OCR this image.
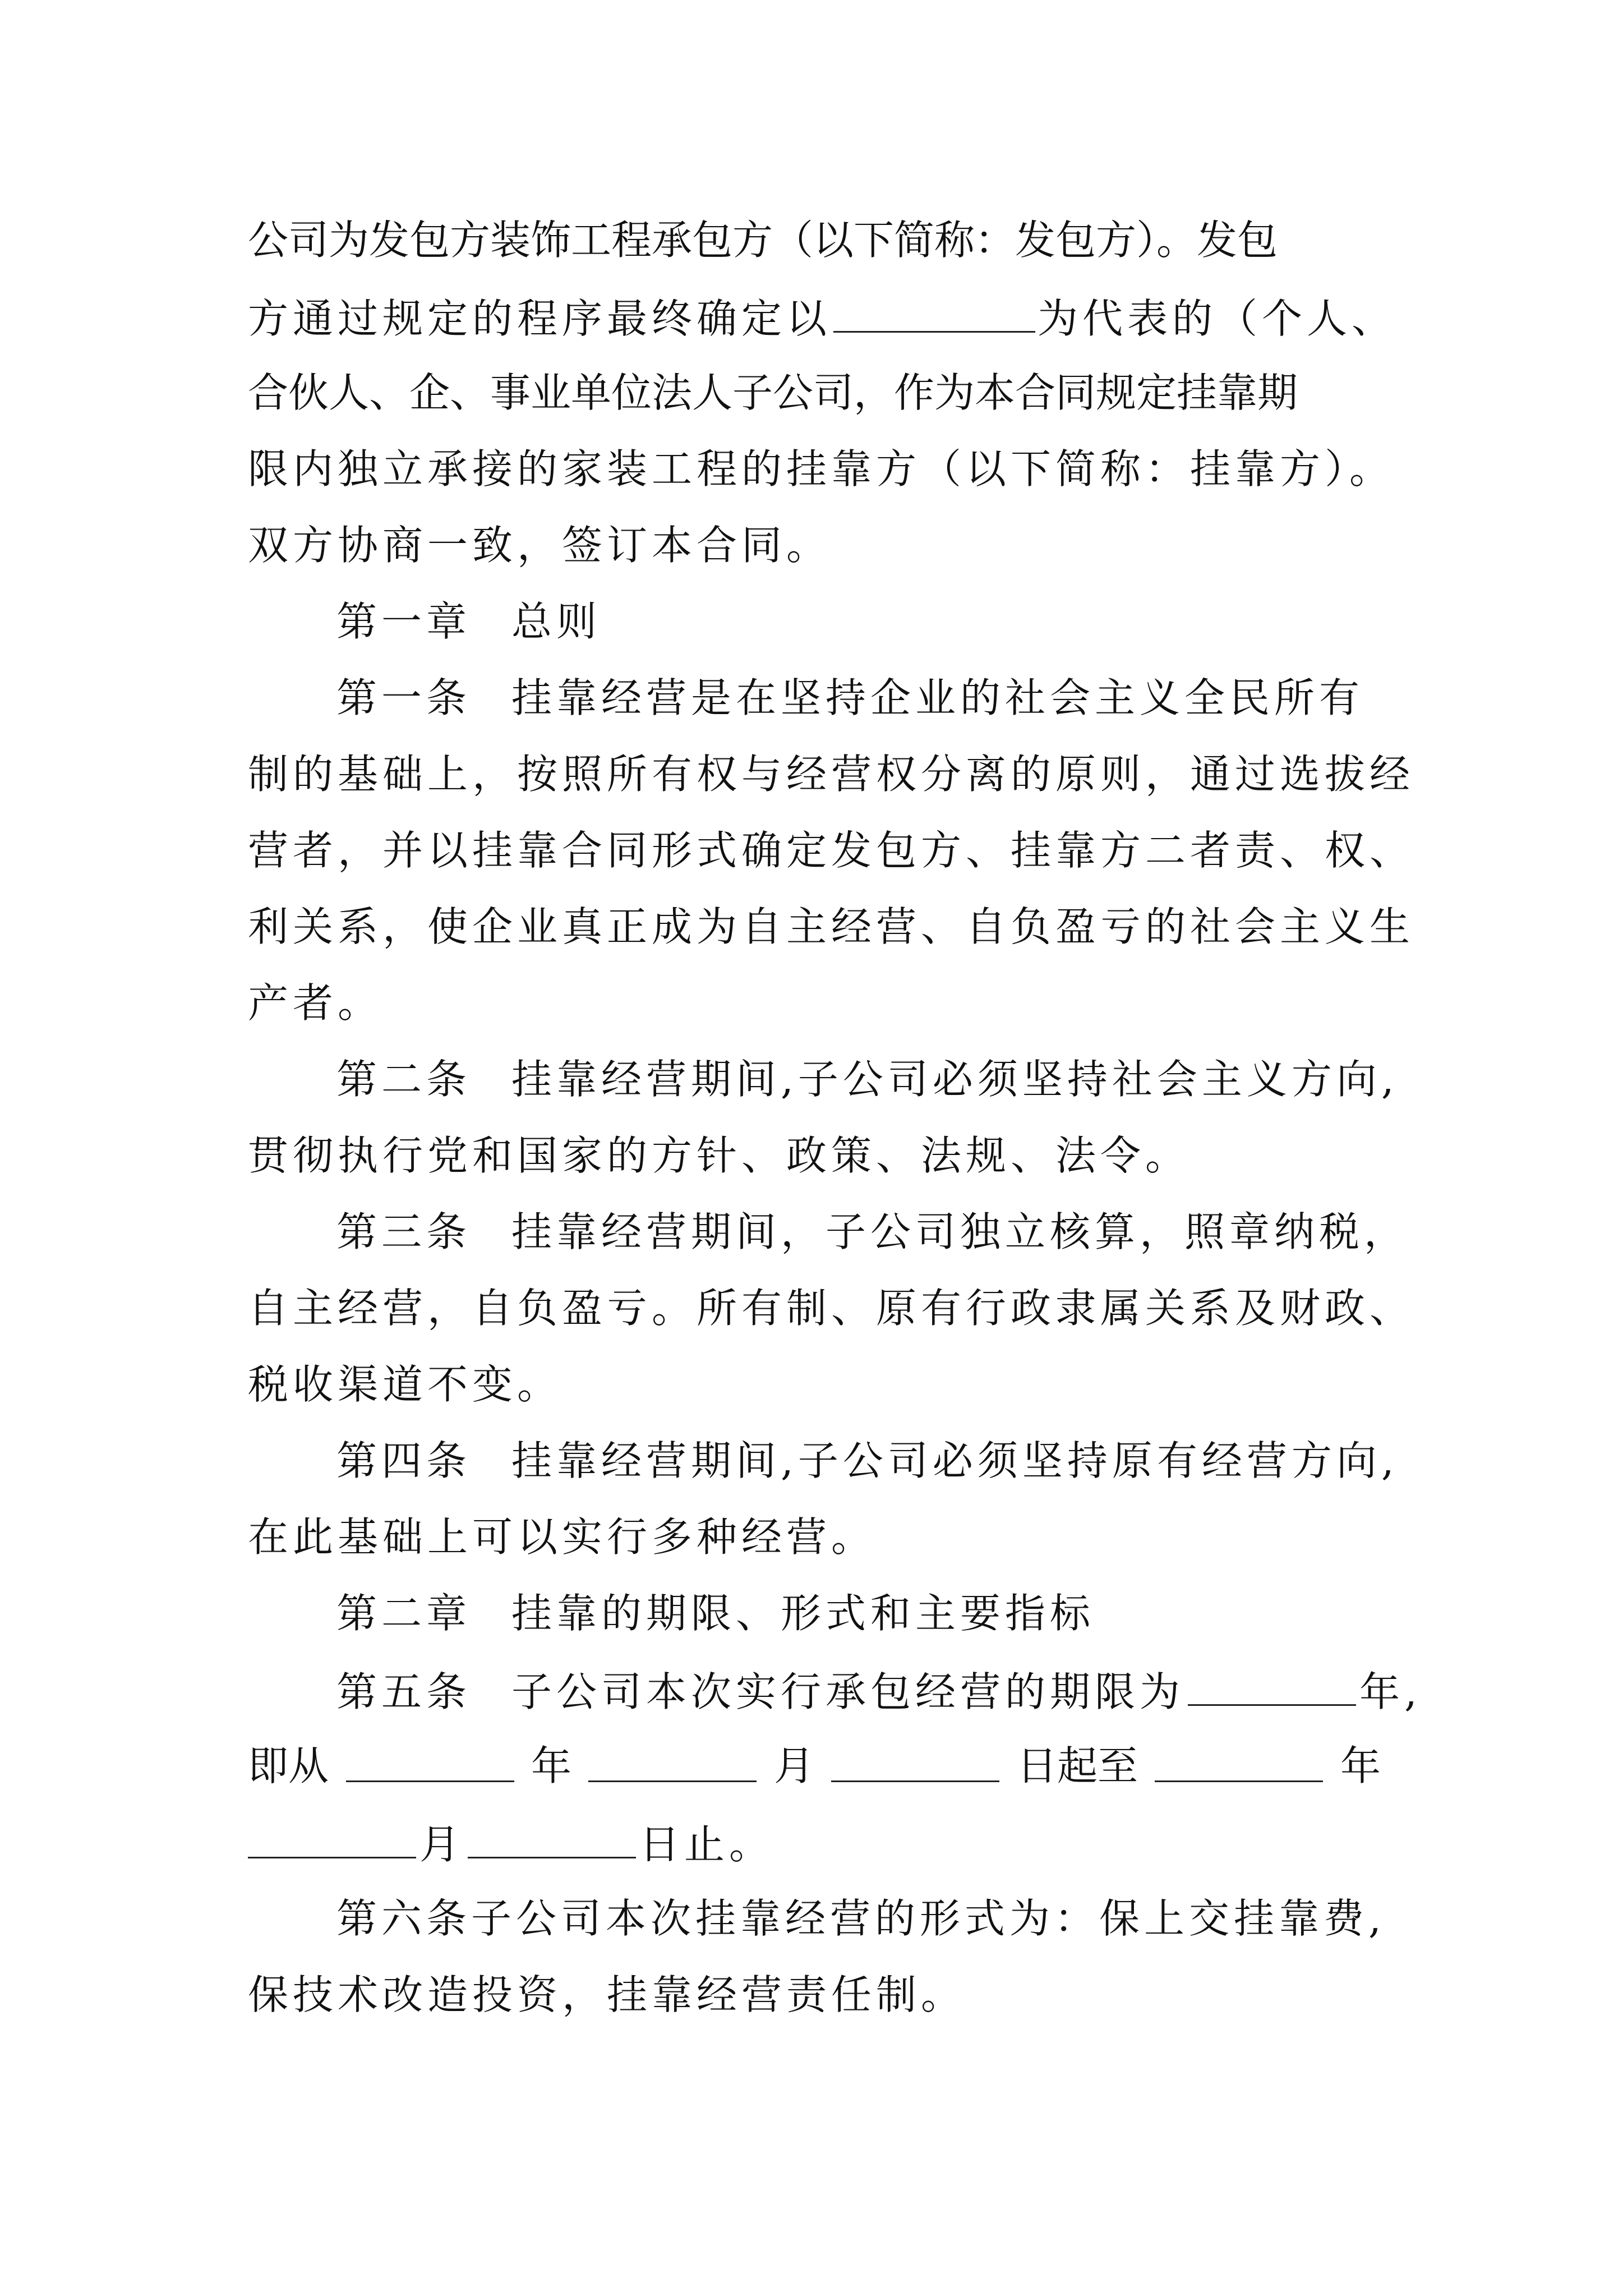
公司为发包方装饰工程承包方（以下简称：发包方）。发包
方通过规定的程序最终确定以	为代表的（个人、
合伙人、企、事业单位法人子公司，作为本合同规定挂靠期
限内独立承接的家装工程的挂靠方（以下简称：挂靠方）。
双方协商一致，签订本合同。
第一章 总则
第一条 挂靠经营是在坚持企业的社会主义全民所有
制的基础上，按照所有权与经营权分离的原则，通过选拔经
营者，并以挂靠合同形式确定发包方、挂靠方二者责、权、
利关系，使企业真正成为自主经营、自负盈亏的社会主义生
产者。
第二条 挂靠经营期间,子公司必须坚持社会主义方向,
贯彻执行党和国家的方针、政策、法规、法令。
第三条 挂靠经营期间，子公司独立核算，照章纳税，
自主经营，自负盈亏。所有制、原有行政隶属关系及财政、
税收渠道不变。
第四条 挂靠经营期间,子公司必须坚持原有经营方向,
在此基础上可以实行多种经营。
第二章 挂靠的期限、形式和主要指标
第五条 子公司本次实行承包经营的期限为	年,
即从	年	月	日起至	年
月	日止。
第六条子公司本次挂靠经营的形式为：保上交挂靠费,
保技术改造投资，挂靠经营责任制。
